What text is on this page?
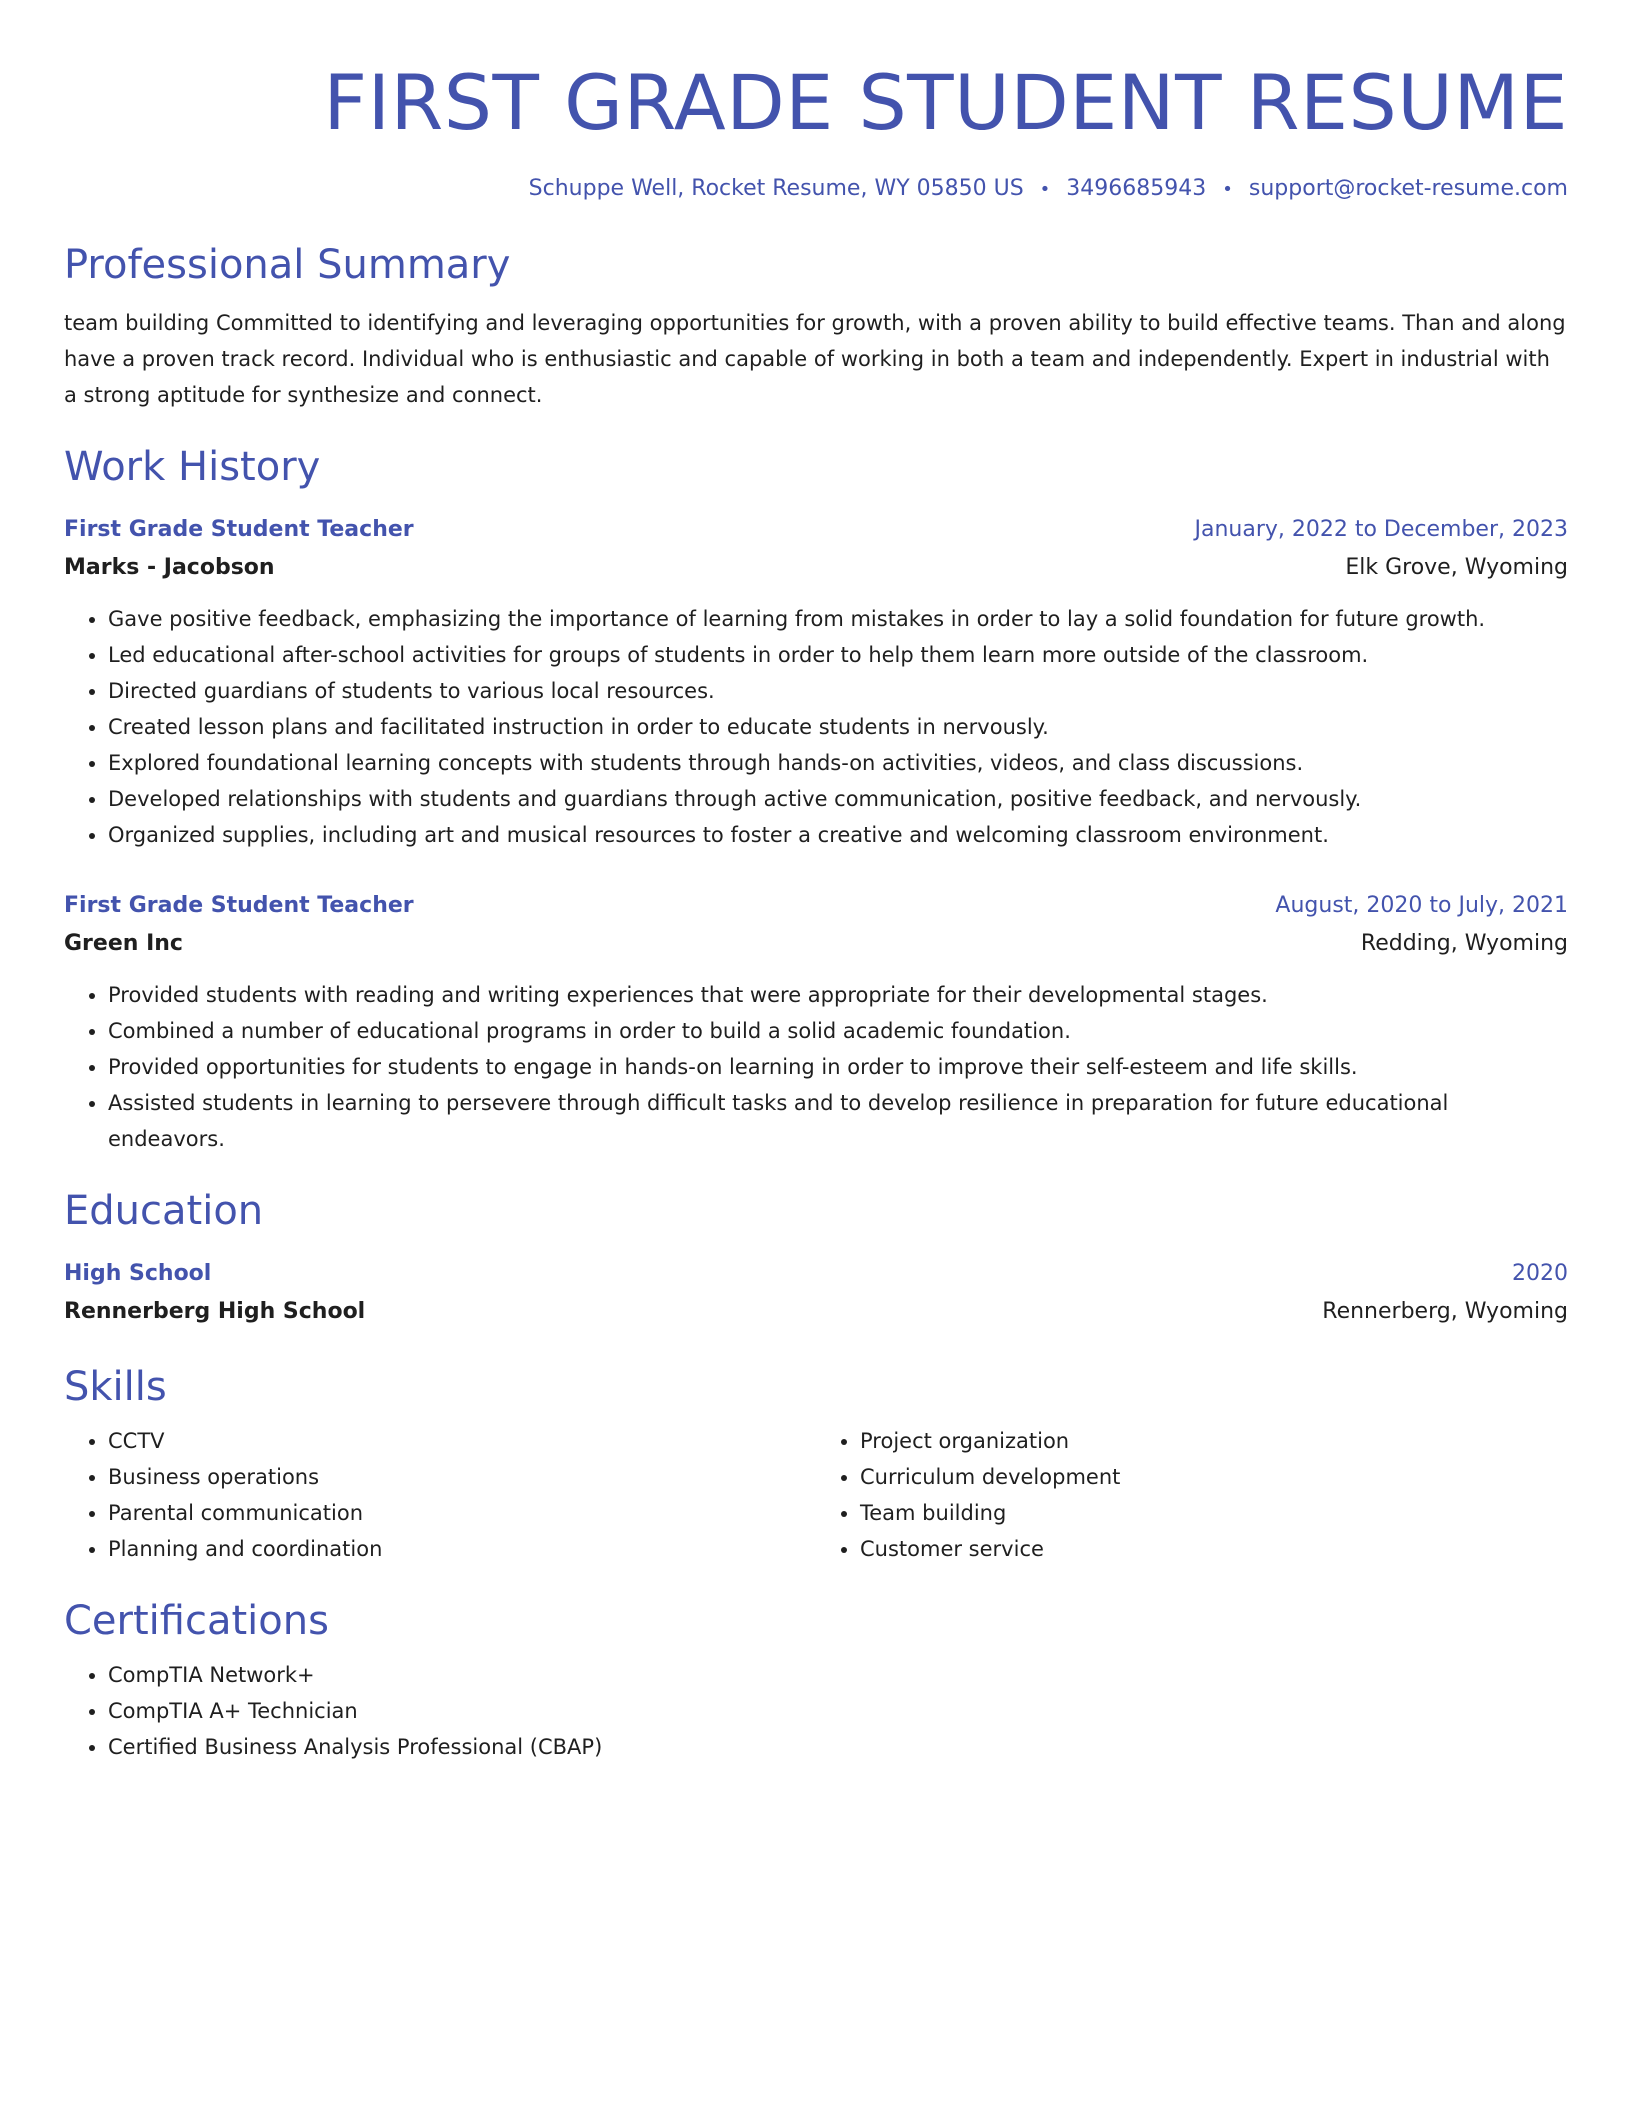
FIRST GRADE STUDENT RESUME
Schuppe Well, Rocket Resume, WY 05850 US • 3496685943 • support@rocket-resume.com
Professional Summary

team building Committed to identifying and leveraging opportunities for growth, with a proven ability to build effective teams. Than and along have a proven track record. Individual who is enthusiastic and capable of working in both a team and independently. Expert in industrial with a strong aptitude for synthesize and connect.

Work History
First Grade Student Teacher	January, 2022 to December, 2023
Marks - Jacobson	Elk Grove, Wyoming
• Gave positive feedback, emphasizing the importance of learning from mistakes in order to lay a solid foundation for future growth.
• Led educational after-school activities for groups of students in order to help them learn more outside of the classroom.
• Directed guardians of students to various local resources.
• Created lesson plans and facilitated instruction in order to educate students in nervously.
• Explored foundational learning concepts with students through hands-on activities, videos, and class discussions.
• Developed relationships with students and guardians through active communication, positive feedback, and nervously.
• Organized supplies, including art and musical resources to foster a creative and welcoming classroom environment.
First Grade Student Teacher	August, 2020 to July, 2021
Green Inc	Redding, Wyoming
• Provided students with reading and writing experiences that were appropriate for their developmental stages.
• Combined a number of educational programs in order to build a solid academic foundation.
• Provided opportunities for students to engage in hands-on learning in order to improve their self-esteem and life skills.
• Assisted students in learning to persevere through difficult tasks and to develop resilience in preparation for future educational endeavors.
Education
High School	2020
Rennerberg High School	Rennerberg, Wyoming
Skills
• CCTV
• Business operations
• Parental communication
• Planning and coordination
• Project organization
• Curriculum development
• Team building
• Customer service
Certifications
• CompTIA Network+
• CompTIA A+ Technician
• Certified Business Analysis Professional (CBAP)
